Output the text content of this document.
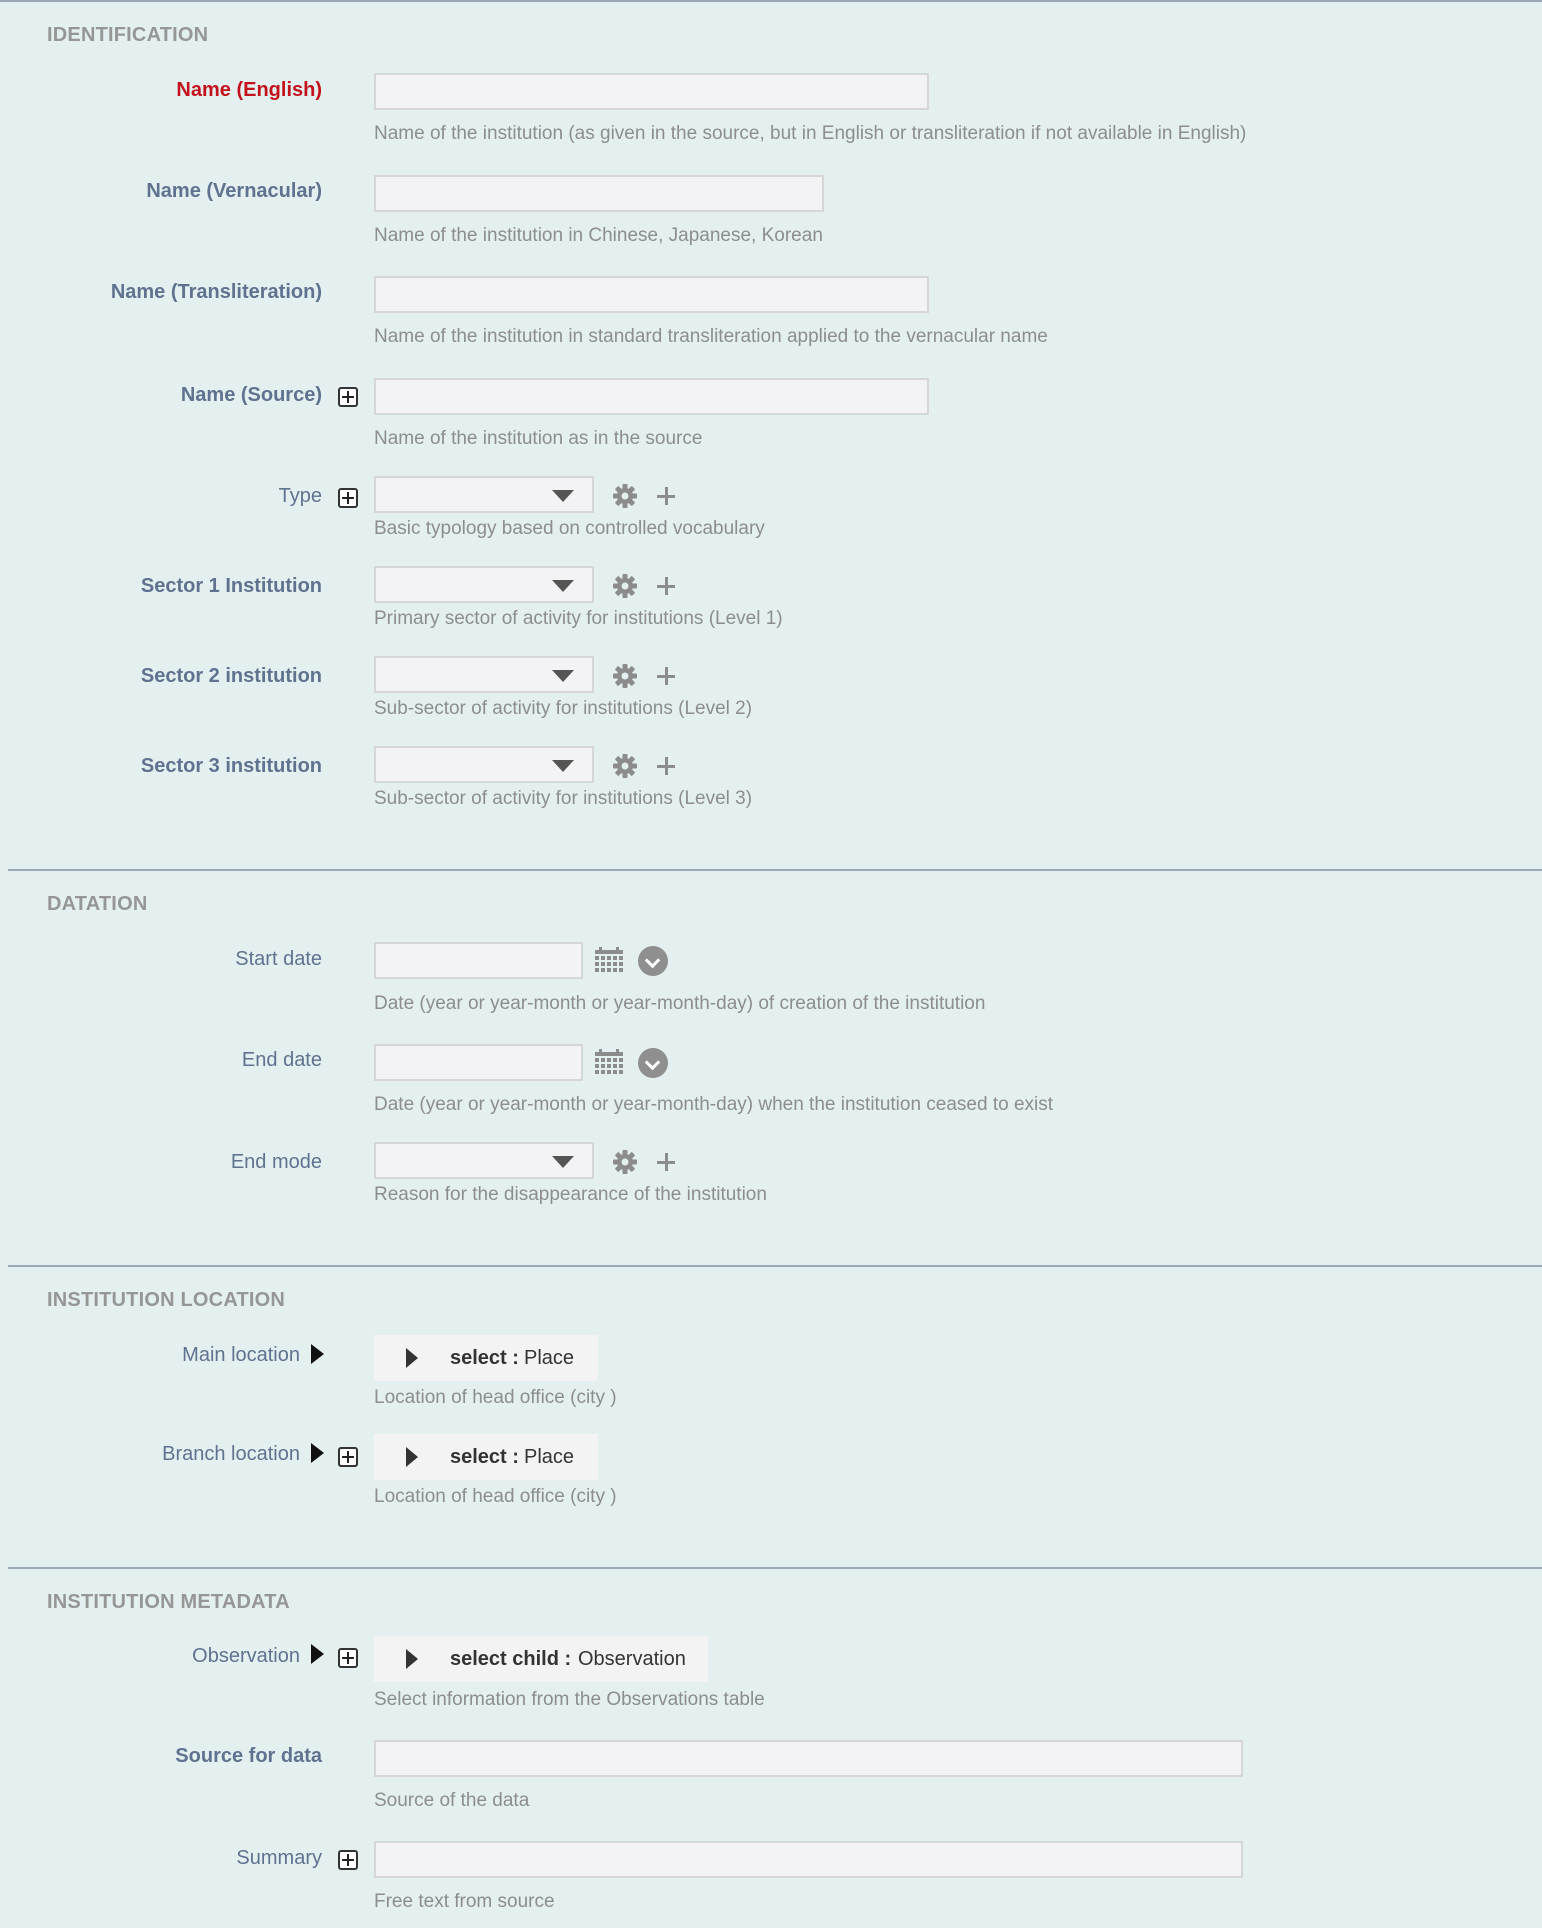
IDENTIFICATION
Name (English)
Name of the institution (as given in the source, but in English or transliteration if not available in English)
Name (Vernacular)
Name of the institution in Chinese, Japanese, Korean
Name (Transliteration)
Name of the institution in standard transliteration applied to the vernacular name
Name (Source)
Name of the institution as in the source
Type
Basic typology based on controlled vocabulary
Sector 1 Institution
Primary sector of activity for institutions (Level 1)
Sector 2 institution
Sub-sector of activity for institutions (Level 2)
Sector 3 institution
Sub-sector of activity for institutions (Level 3)
DATATION
Start date
Date (year or year-month or year-month-day) of creation of the institution
End date
Date (year or year-month or year-month-day) when the institution ceased to exist
End mode
Reason for the disappearance of the institution
INSTITUTION LOCATION
Main location	select : Place
Location of head office (city )
Branch location	select : Place
Location of head office (city )
INSTITUTION METADATA
Observation	select child : Observation
Select information from the Observations table
Source for data
Source of the data
Summary
Free text from source
